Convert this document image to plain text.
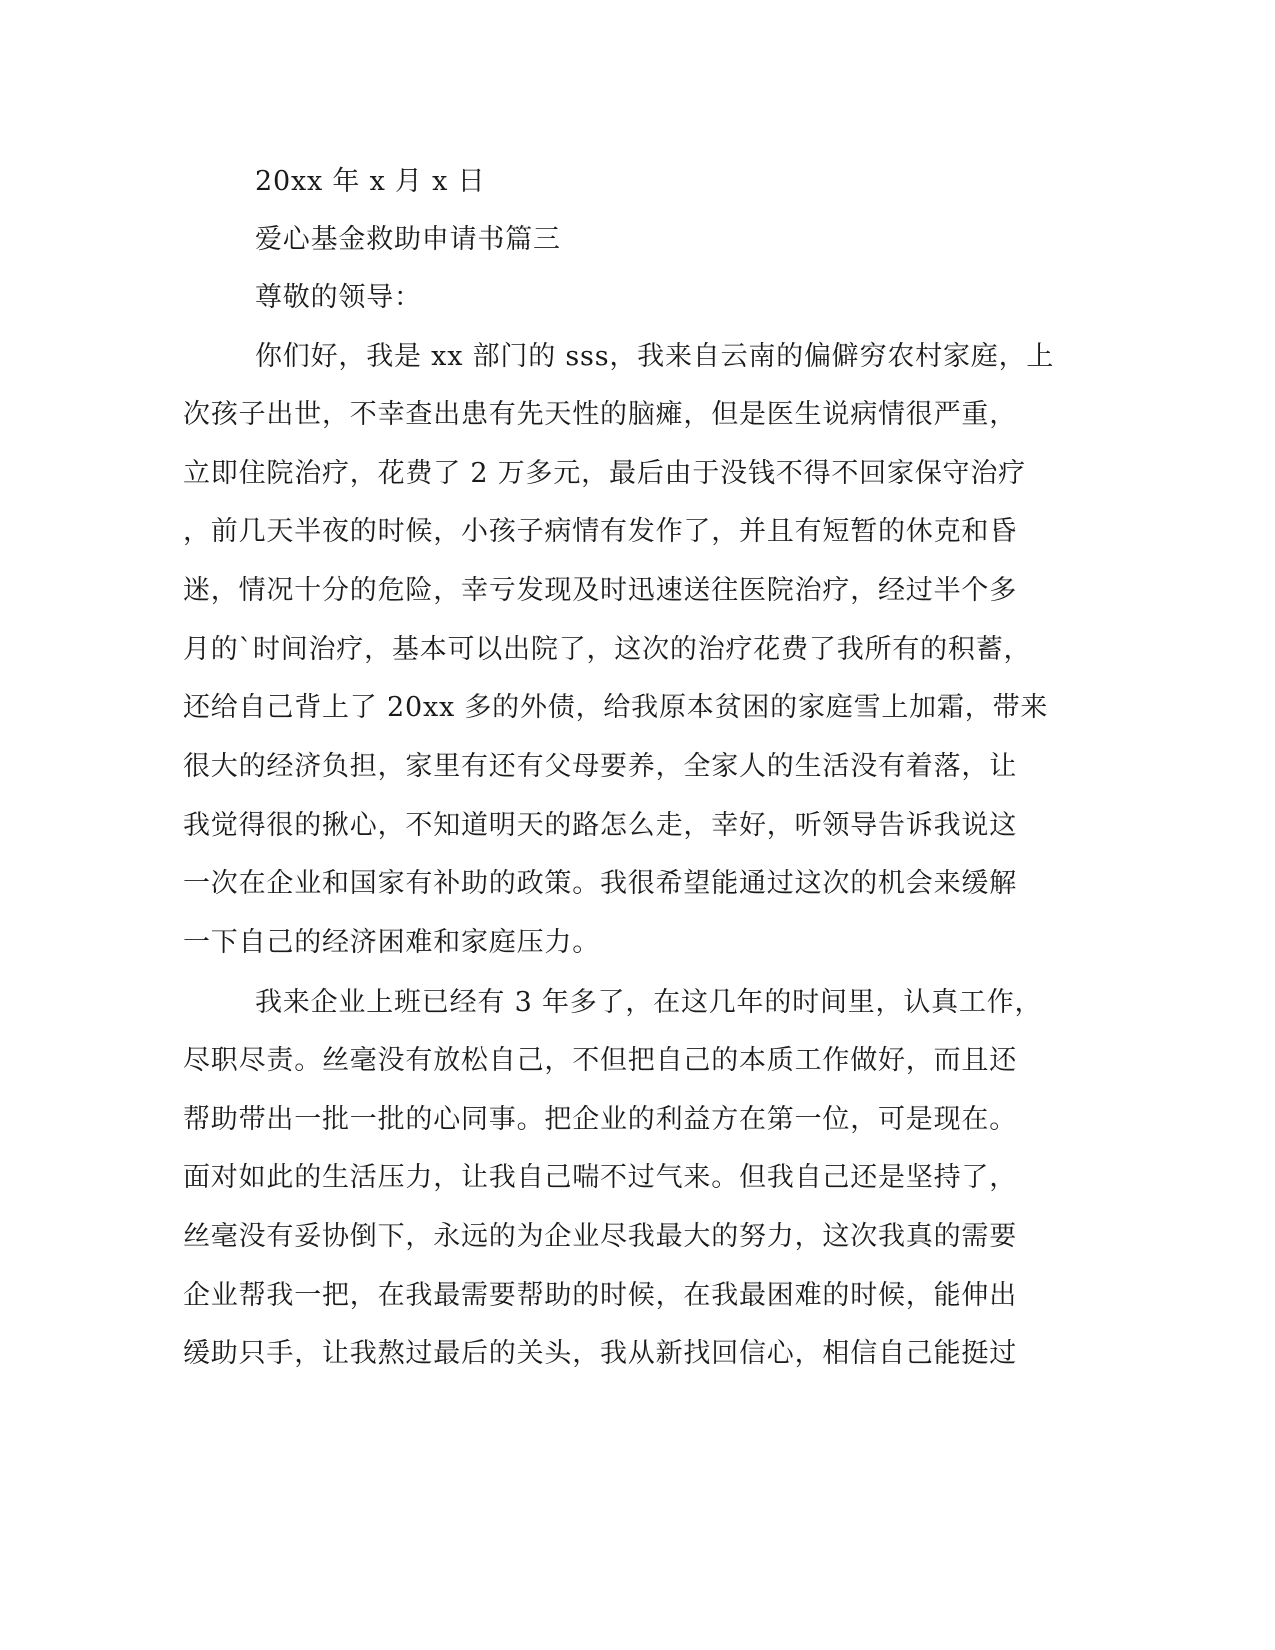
20xx 年 x 月 x 日
爱心基金救助申请书篇三
尊敬的领导：
你们好，我是 xx 部门的 sss，我来自云南的偏僻穷农村家庭，上
次孩子出世，不幸查出患有先天性的脑瘫，但是医生说病情很严重，
立即住院治疗，花费了 2 万多元，最后由于没钱不得不回家保守治疗
，前几天半夜的时候，小孩子病情有发作了，并且有短暂的休克和昏
迷，情况十分的危险，幸亏发现及时迅速送往医院治疗，经过半个多
月的`时间治疗，基本可以出院了，这次的治疗花费了我所有的积蓄，
还给自己背上了 20xx 多的外债，给我原本贫困的家庭雪上加霜，带来
很大的经济负担，家里有还有父母要养，全家人的生活没有着落，让
我觉得很的揪心，不知道明天的路怎么走，幸好，听领导告诉我说这
一次在企业和国家有补助的政策。我很希望能通过这次的机会来缓解
一下自己的经济困难和家庭压力。
我来企业上班已经有 3 年多了，在这几年的时间里，认真工作，
尽职尽责。丝毫没有放松自己，不但把自己的本质工作做好，而且还
帮助带出一批一批的心同事。把企业的利益方在第一位，可是现在。
面对如此的生活压力，让我自己喘不过气来。但我自己还是坚持了，
丝毫没有妥协倒下，永远的为企业尽我最大的努力，这次我真的需要
企业帮我一把，在我最需要帮助的时候，在我最困难的时候，能伸出
缓助只手，让我熬过最后的关头，我从新找回信心，相信自己能挺过
